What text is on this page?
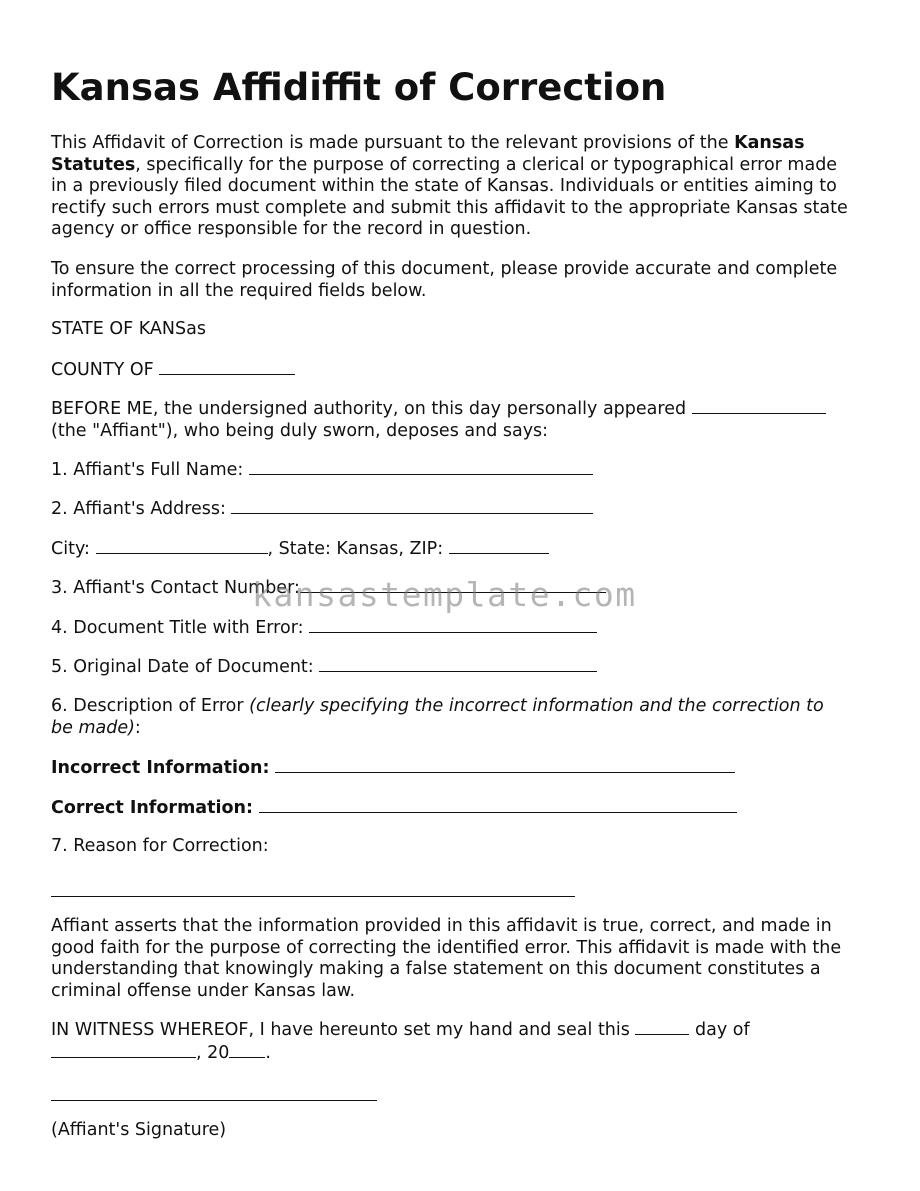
Kansas Affidiffit of Correction
This Affidavit of Correction is made pursuant to the relevant provisions of the Kansas
Statutes, specifically for the purpose of correcting a clerical or typographical error made
in a previously filed document within the state of Kansas. Individuals or entities aiming to
rectify such errors must complete and submit this affidavit to the appropriate Kansas state
agency or office responsible for the record in question.
To ensure the correct processing of this document, please provide accurate and complete
information in all the required fields below.
STATE OF KANSas
COUNTY OF
BEFORE ME, the undersigned authority, on this day personally appeared
(the "Affiant"), who being duly sworn, deposes and says:
1. Affiant's Full Name:
2. Affiant's Address:
City:	, State: Kansas, ZIP:
3. Affiant's Contact Number:
4. Document Title with Error:
5. Original Date of Document:
6. Description of Error (clearly specifying the incorrect information and the correction to
be made):
Incorrect Information:
Correct Information:
7. Reason for Correction:
Affiant asserts that the information provided in this affidavit is true, correct, and made in
good faith for the purpose of correcting the identified error. This affidavit is made with the
understanding that knowingly making a false statement on this document constitutes a
criminal offense under Kansas law.
IN WITNESS WHEREOF, I have hereunto set my hand and seal this	day of
, 20 .
(Affiant's Signature)
kansastemplate.com
